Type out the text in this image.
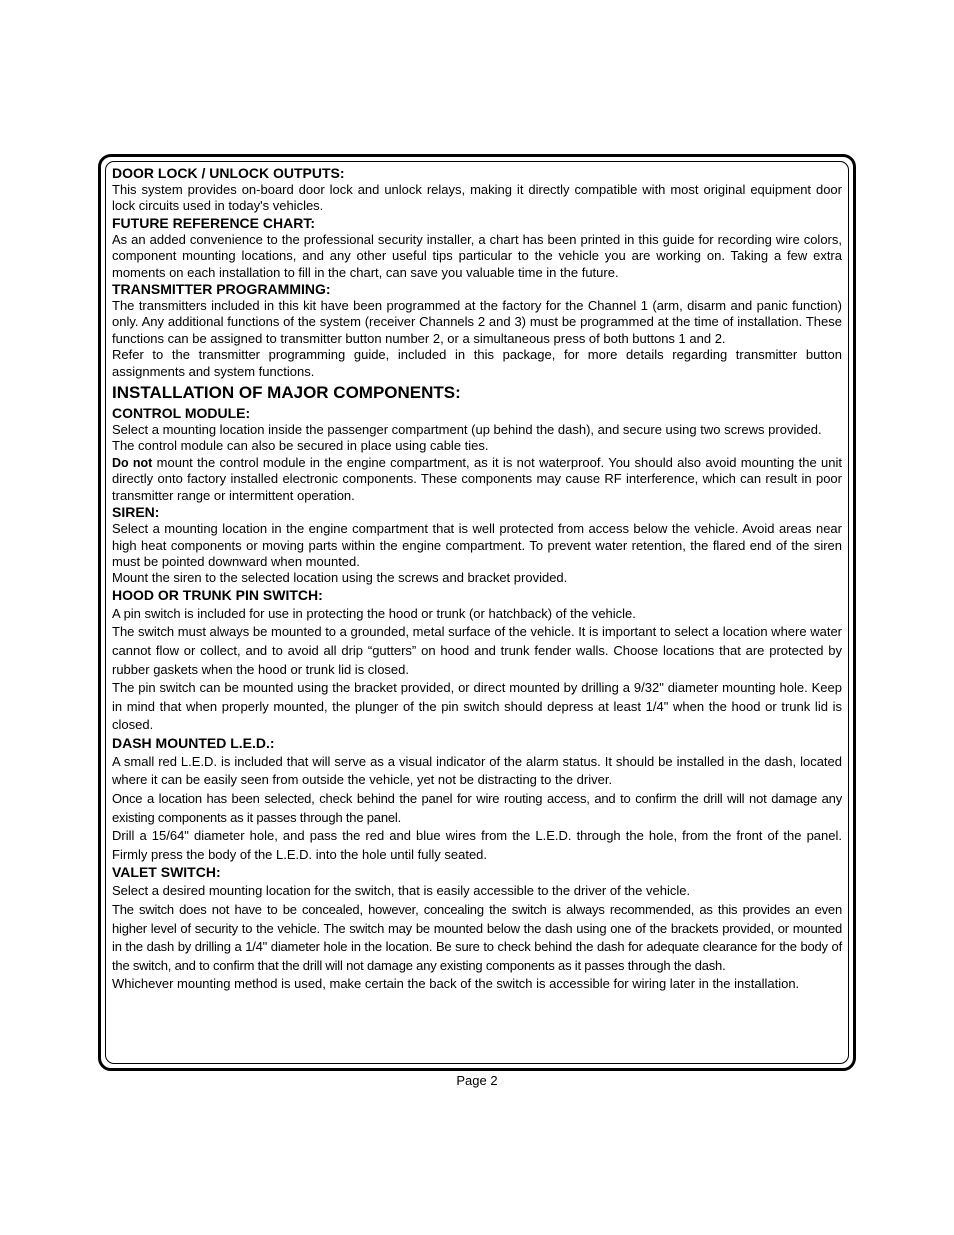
DOOR LOCK / UNLOCK OUTPUTS:

This system provides on-board door lock and unlock relays, making it directly compatible with most original equipment door lock circuits used in today's vehicles.

FUTURE REFERENCE CHART:

As an added convenience to the professional security installer, a chart has been printed in this guide for recording wire colors, component mounting locations, and any other useful tips particular to the vehicle you are working on. Taking a few extra moments on each installation to fill in the chart, can save you valuable time in the future.

TRANSMITTER PROGRAMMING:

The transmitters included in this kit have been programmed at the factory for the Channel 1 (arm, disarm and panic function) only. Any additional functions of the system (receiver Channels 2 and 3) must be programmed at the time of installation. These functions can be assigned to transmitter button number 2, or a simultaneous press of both buttons 1 and 2.

Refer to the transmitter programming guide, included in this package, for more details regarding transmitter button assignments and system functions.

INSTALLATION OF MAJOR COMPONENTS:
CONTROL MODULE:

Select a mounting location inside the passenger compartment (up behind the dash), and secure using two screws provided.

The control module can also be secured in place using cable ties.

Do not mount the control module in the engine compartment, as it is not waterproof. You should also avoid mounting the unit directly onto factory installed electronic components. These components may cause RF interference, which can result in poor transmitter range or intermittent operation.

SIREN:

Select a mounting location in the engine compartment that is well protected from access below the vehicle. Avoid areas near high heat components or moving parts within the engine compartment. To prevent water retention, the flared end of the siren must be pointed downward when mounted.

Mount the siren to the selected location using the screws and bracket provided.

HOOD OR TRUNK PIN SWITCH:

A pin switch is included for use in protecting the hood or trunk (or hatchback) of the vehicle.

The switch must always be mounted to a grounded, metal surface of the vehicle. It is important to select a location where water cannot flow or collect, and to avoid all drip “gutters” on hood and trunk fender walls. Choose locations that are protected by rubber gaskets when the hood or trunk lid is closed.

The pin switch can be mounted using the bracket provided, or direct mounted by drilling a 9/32" diameter mounting hole. Keep in mind that when properly mounted, the plunger of the pin switch should depress at least 1/4" when the hood or trunk lid is closed.

DASH MOUNTED L.E.D.:

A small red L.E.D. is included that will serve as a visual indicator of the alarm status. It should be installed in the dash, located where it can be easily seen from outside the vehicle, yet not be distracting to the driver.

Once a location has been selected, check behind the panel for wire routing access, and to confirm the drill will not damage any existing components as it passes through the panel.

Drill a 15/64" diameter hole, and pass the red and blue wires from the L.E.D. through the hole, from the front of the panel. Firmly press the body of the L.E.D. into the hole until fully seated.

VALET SWITCH:

Select a desired mounting location for the switch, that is easily accessible to the driver of the vehicle.

The switch does not have to be concealed, however, concealing the switch is always recommended, as this provides an even higher level of security to the vehicle. The switch may be mounted below the dash using one of the brackets provided, or mounted in the dash by drilling a 1/4" diameter hole in the location. Be sure to check behind the dash for adequate clearance for the body of the switch, and to confirm that the drill will not damage any existing components as it passes through the dash.

Whichever mounting method is used, make certain the back of the switch is accessible for wiring later in the installation.

Page 2
